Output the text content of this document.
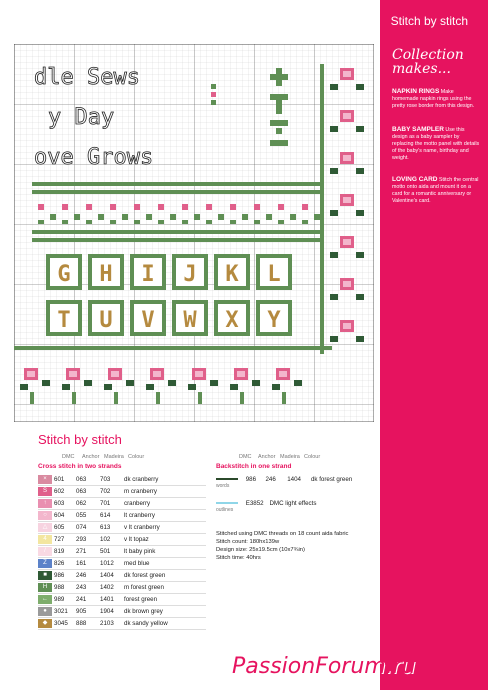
Stitch by stitch
Collection makes...
NAPKIN RINGS Make homemade napkin rings using the pretty rose border from this design.
BABY SAMPLER Use this design as a baby sampler by replacing the motto panel with details of the baby's name, birthday and weight.
LOVING CARD Stitch the central motto onto aida and mount it on a card for a romantic anniversary or Valentine's card.
dle Sews
y Day
ove Grows
G H I J K L
T U V W X Y
Stitch by stitch
DMC Anchor Madeira Colour	DMC Anchor Madeira Colour
Cross stitch in two strands
×	601	063	703	dk cranberry

S	602	063	702	m cranberry

↑	603	062	701	cranberry

○	604	055	614	lt cranberry

△	605	074	613	v lt cranberry

4	727	293	102	v lt topaz

/	819	271	501	lt baby pink

Z	826	161	1012	med blue

■	986	246	1404	dk forest green

H	988	243	1402	m forest green

←	989	241	1401	forest green

●	3021	905	1904	dk brown grey

◆	3045	888	2103	dk sandy yellow
Backstitch in one strand
986 246 1404 dk forest green
words
E3852 DMC light effects
outlines
Stitched using DMC threads on 18 count aida fabric
Stitch count: 180hx139w
Design size: 25x19.5cm (10x7¾in)
Stitch time: 40hrs
PassionForum.ru
